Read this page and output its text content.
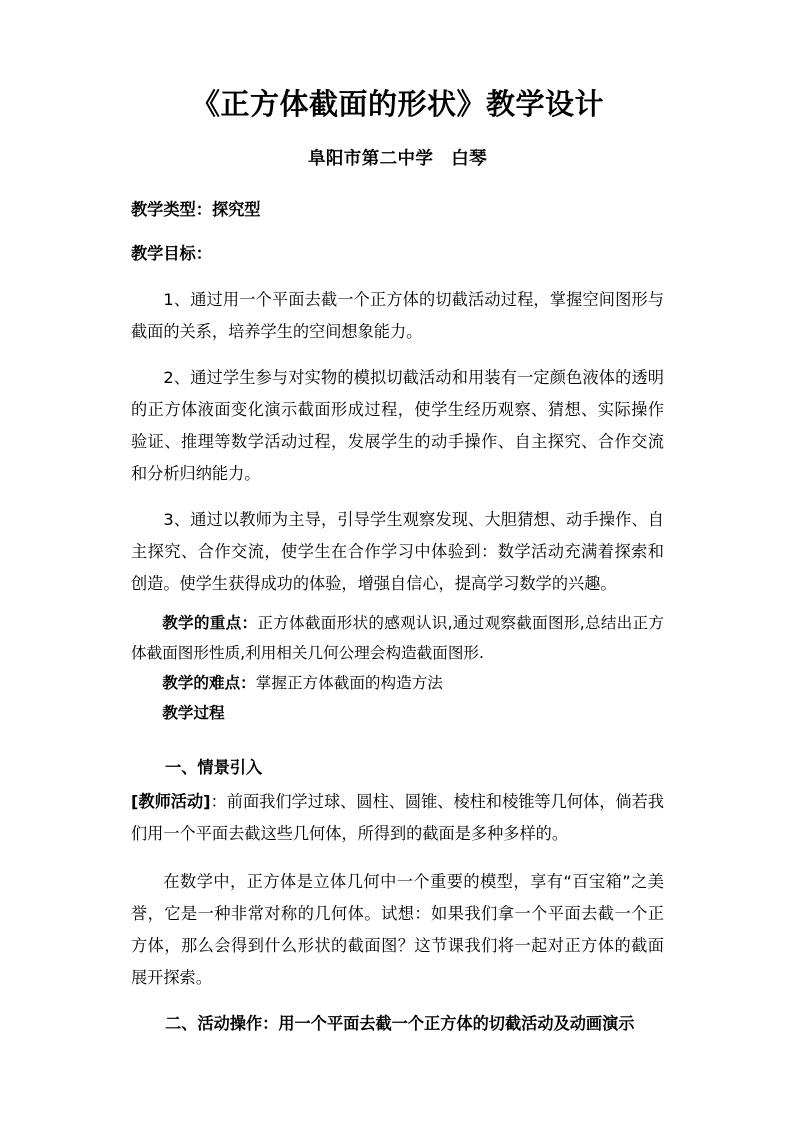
《正方体截面的形状》教学设计

阜阳市第二中学　白琴

教学类型：探究型

教学目标：

1、通过用一个平面去截一个正方体的切截活动过程，掌握空间图形与截面的关系，培养学生的空间想象能力。

2、通过学生参与对实物的模拟切截活动和用装有一定颜色液体的透明的正方体液面变化演示截面形成过程，使学生经历观察、猜想、实际操作验证、推理等数学活动过程，发展学生的动手操作、自主探究、合作交流和分析归纳能力。

3、通过以教师为主导，引导学生观察发现、大胆猜想、动手操作、自主探究、合作交流，使学生在合作学习中体验到：数学活动充满着探索和创造。使学生获得成功的体验，增强自信心，提高学习数学的兴趣。

教学的重点：正方体截面形状的感观认识,通过观察截面图形,总结出正方体截面图形性质,利用相关几何公理会构造截面图形.

教学的难点：掌握正方体截面的构造方法

教学过程

一、情景引入

[教师活动]：前面我们学过球、圆柱、圆锥、棱柱和棱锥等几何体，倘若我们用一个平面去截这些几何体，所得到的截面是多种多样的。

在数学中，正方体是立体几何中一个重要的模型，享有“百宝箱”之美誉，它是一种非常对称的几何体。试想：如果我们拿一个平面去截一个正方体，那么会得到什么形状的截面图？这节课我们将一起对正方体的截面展开探索。

二、活动操作：用一个平面去截一个正方体的切截活动及动画演示
